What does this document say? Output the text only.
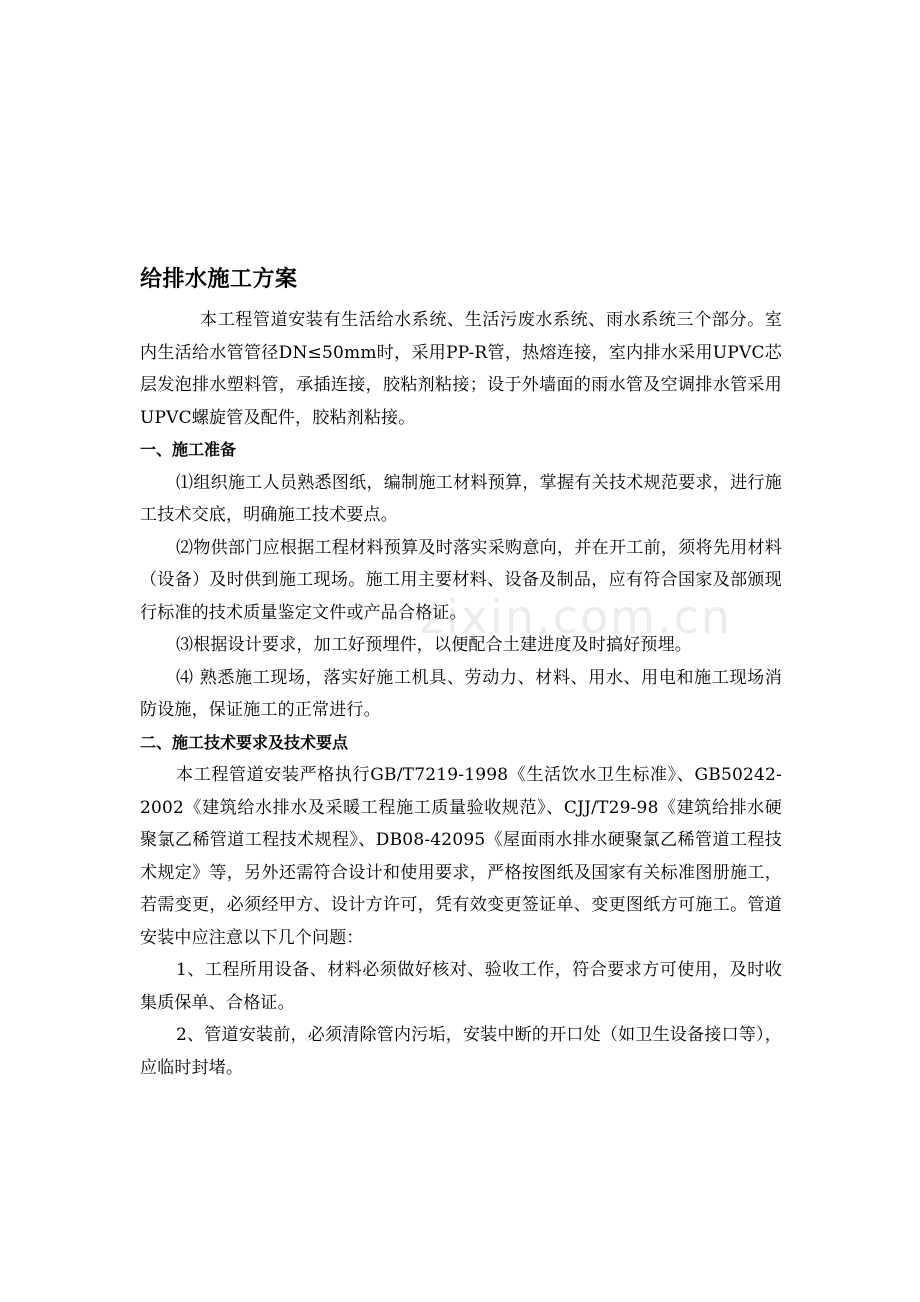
zixin.com.cn
给排水施工方案

本工程管道安装有生活给水系统、生活污废水系统、雨水系统三个部分。室内生活给水管管径DN≤50mm时，采用PP-R管，热熔连接，室内排水采用UPVC芯层发泡排水塑料管，承插连接，胶粘剂粘接；设于外墙面的雨水管及空调排水管采用UPVC螺旋管及配件，胶粘剂粘接。

一、施工准备

⑴组织施工人员熟悉图纸，编制施工材料预算，掌握有关技术规范要求，进行施工技术交底，明确施工技术要点。

⑵物供部门应根据工程材料预算及时落实采购意向，并在开工前，须将先用材料（设备）及时供到施工现场。施工用主要材料、设备及制品，应有符合国家及部颁现行标准的技术质量鉴定文件或产品合格证。

⑶根据设计要求，加工好预埋件，以便配合土建进度及时搞好预埋。

⑷ 熟悉施工现场，落实好施工机具、劳动力、材料、用水、用电和施工现场消防设施，保证施工的正常进行。

二、施工技术要求及技术要点

本工程管道安装严格执行GB/T7219-1998《生活饮水卫生标准》、GB50242-2002《建筑给水排水及采暖工程施工质量验收规范》、CJJ/T29-98《建筑给排水硬聚氯乙稀管道工程技术规程》、DB08-42095《屋面雨水排水硬聚氯乙稀管道工程技术规定》等，另外还需符合设计和使用要求，严格按图纸及国家有关标准图册施工，若需变更，必须经甲方、设计方许可，凭有效变更签证单、变更图纸方可施工。管道安装中应注意以下几个问题：

1、工程所用设备、材料必须做好核对、验收工作，符合要求方可使用，及时收集质保单、合格证。

2、管道安装前，必须清除管内污垢，安装中断的开口处（如卫生设备接口等），应临时封堵。
